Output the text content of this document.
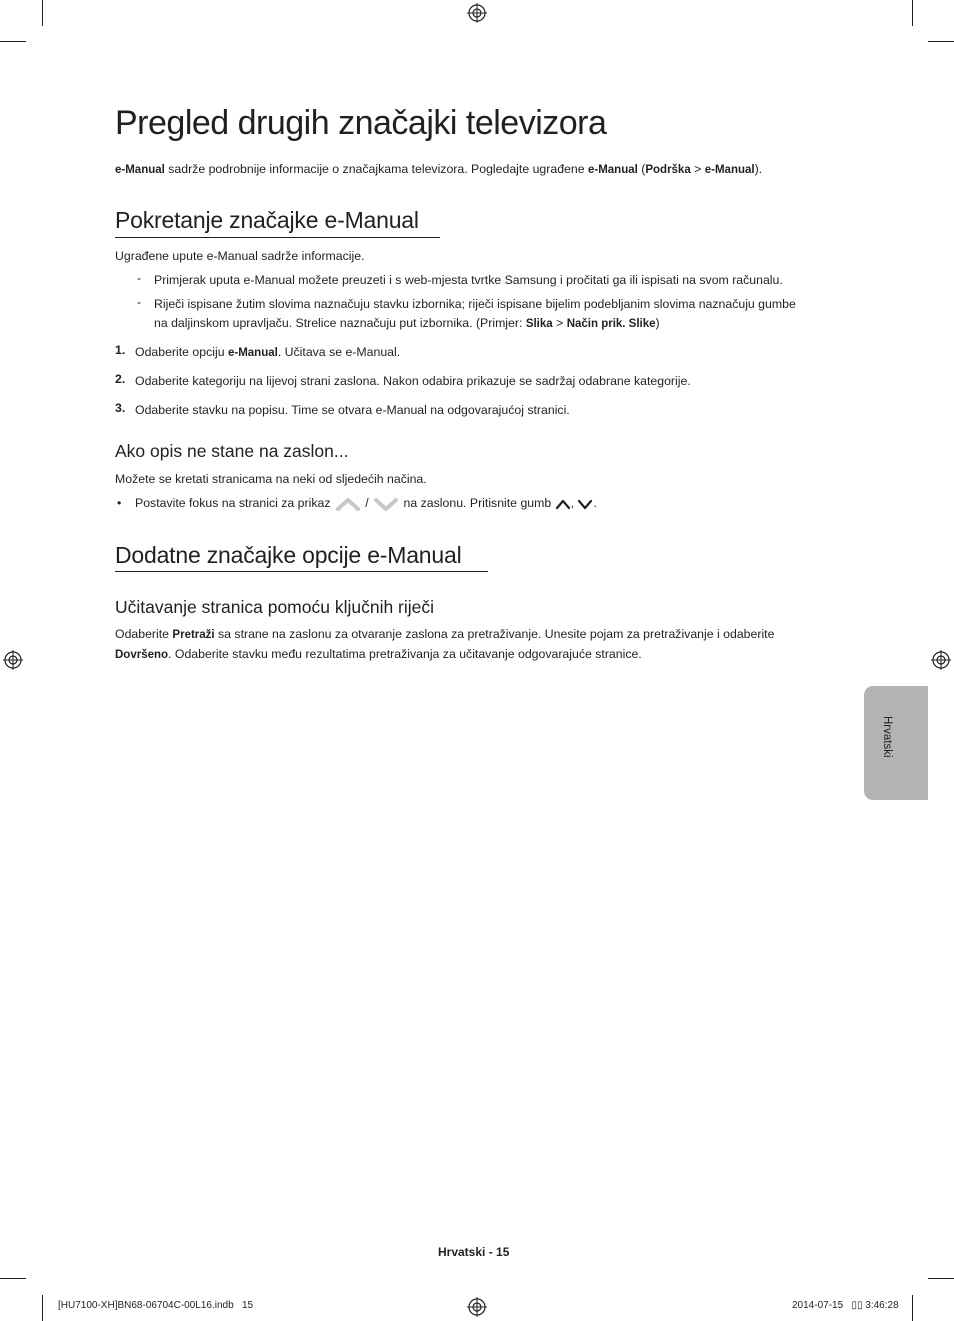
Pregled drugih značajki televizora
e-Manual sadrže podrobnije informacije o značajkama televizora. Pogledajte ugrađene e-Manual (Podrška > e-Manual).
Pokretanje značajke e-Manual
Ugrađene upute e-Manual sadrže informacije.
- Primjerak uputa e-Manual možete preuzeti i s web-mjesta tvrtke Samsung i pročitati ga ili ispisati na svom računalu.
- Riječi ispisane žutim slovima naznačuju stavku izbornika; riječi ispisane bijelim podebljanim slovima naznačuju gumbe
na daljinskom upravljaču. Strelice naznačuju put izbornika. (Primjer: Slika > Način prik. Slike)
1. Odaberite opciju e-Manual. Učitava se e-Manual.
2. Odaberite kategoriju na lijevoj strani zaslona. Nakon odabira prikazuje se sadržaj odabrane kategorije.
3. Odaberite stavku na popisu. Time se otvara e-Manual na odgovarajućoj stranici.
Ako opis ne stane na zaslon...
Možete se kretati stranicama na neki od sljedećih načina.
• Postavite fokus na stranici za prikaz / na zaslonu. Pritisnite gumb , .
Dodatne značajke opcije e-Manual
Učitavanje stranica pomoću ključnih riječi
Odaberite Pretraži sa strane na zaslonu za otvaranje zaslona za pretraživanje. Unesite pojam za pretraživanje i odaberite
Dovršeno. Odaberite stavku među rezultatima pretraživanja za učitavanje odgovarajuće stranice.
Hrvatski
Hrvatski - 15
[HU7100-XH]BN68-06704C-00L16.indb   15	2014-07-15   ▯▯ 3:46:28
